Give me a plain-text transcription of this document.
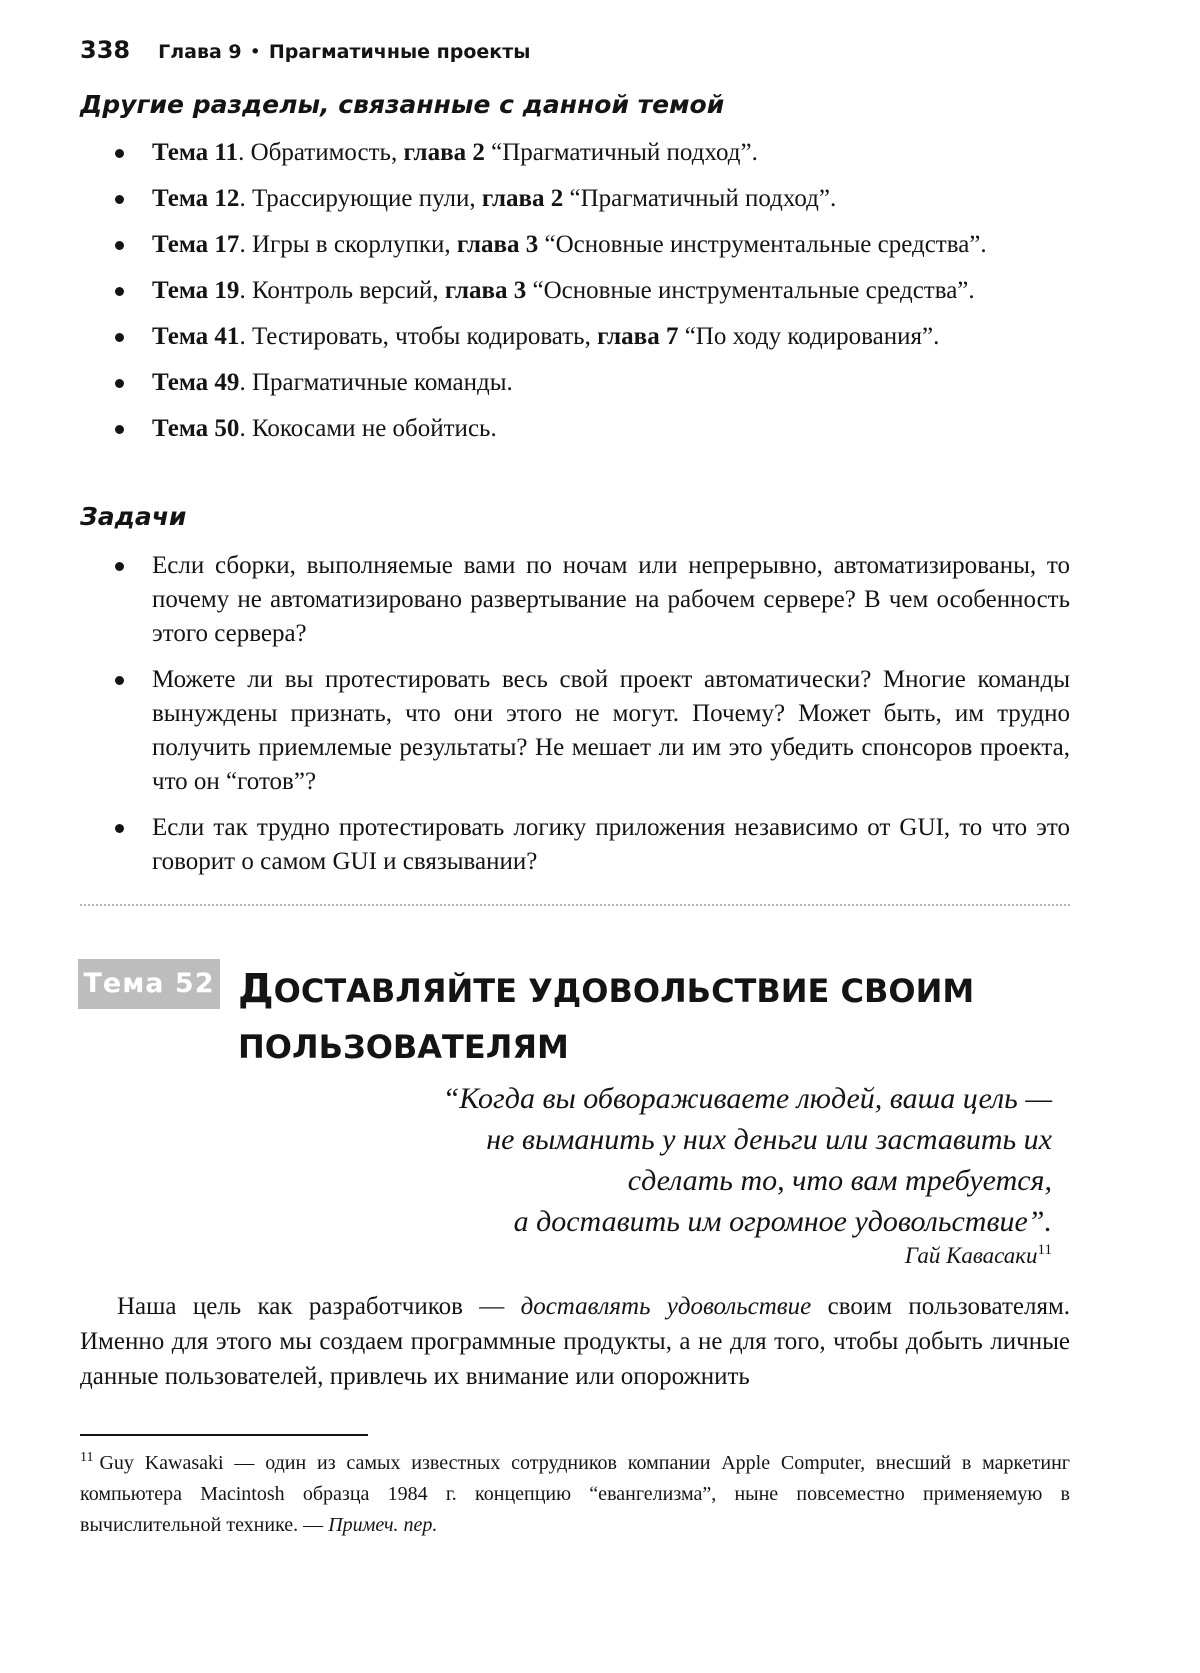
338 Глава 9 • Прагматичные проекты
Другие разделы, связанные с данной темой
Тема 11. Обратимость, глава 2 “Прагматичный подход”.
Тема 12. Трассирующие пули, глава 2 “Прагматичный подход”.
Тема 17. Игры в скорлупки, глава 3 “Основные инструментальные средства”.
Тема 19. Контроль версий, глава 3 “Основные инструментальные средства”.
Тема 41. Тестировать, чтобы кодировать, глава 7 “По ходу кодирования”.
Тема 49. Прагматичные команды.
Тема 50. Кокосами не обойтись.
Задачи
Если сборки, выполняемые вами по ночам или непрерывно, автоматизированы, то почему не автоматизировано развертывание на рабочем сервере? В чем особенность этого сервера?
Можете ли вы протестировать весь свой проект автоматически? Многие команды вынуждены признать, что они этого не могут. Почему? Может быть, им трудно получить приемлемые результаты? Не мешает ли им это убедить спонсоров проекта, что он “готов”?
Если так трудно протестировать логику приложения независимо от GUI, то что это говорит о самом GUI и связывании?
Тема 52 ДОСТАВЛЯЙТЕ УДОВОЛЬСТВИЕ СВОИМ ПОЛЬЗОВАТЕЛЯМ
“Когда вы обвораживаете людей, ваша цель —
не выманить у них деньги или заставить их
сделать то, что вам требуется,
а доставить им огромное удовольствие”.
Гай Кавасаки$^{11}$

Наша цель как разработчиков — доставлять удовольствие своим пользователям. Именно для этого мы создаем программные продукты, а не для того, чтобы добыть личные данные пользователей, привлечь их внимание или опорожнить

$^{11}$ Guy Kawasaki — один из самых известных сотрудников компании Apple Computer, внесший в маркетинг компьютера Macintosh образца 1984 г. концепцию “евангелизма”, ныне повсеместно применяемую в вычислительной технике. — Примеч. пер.
